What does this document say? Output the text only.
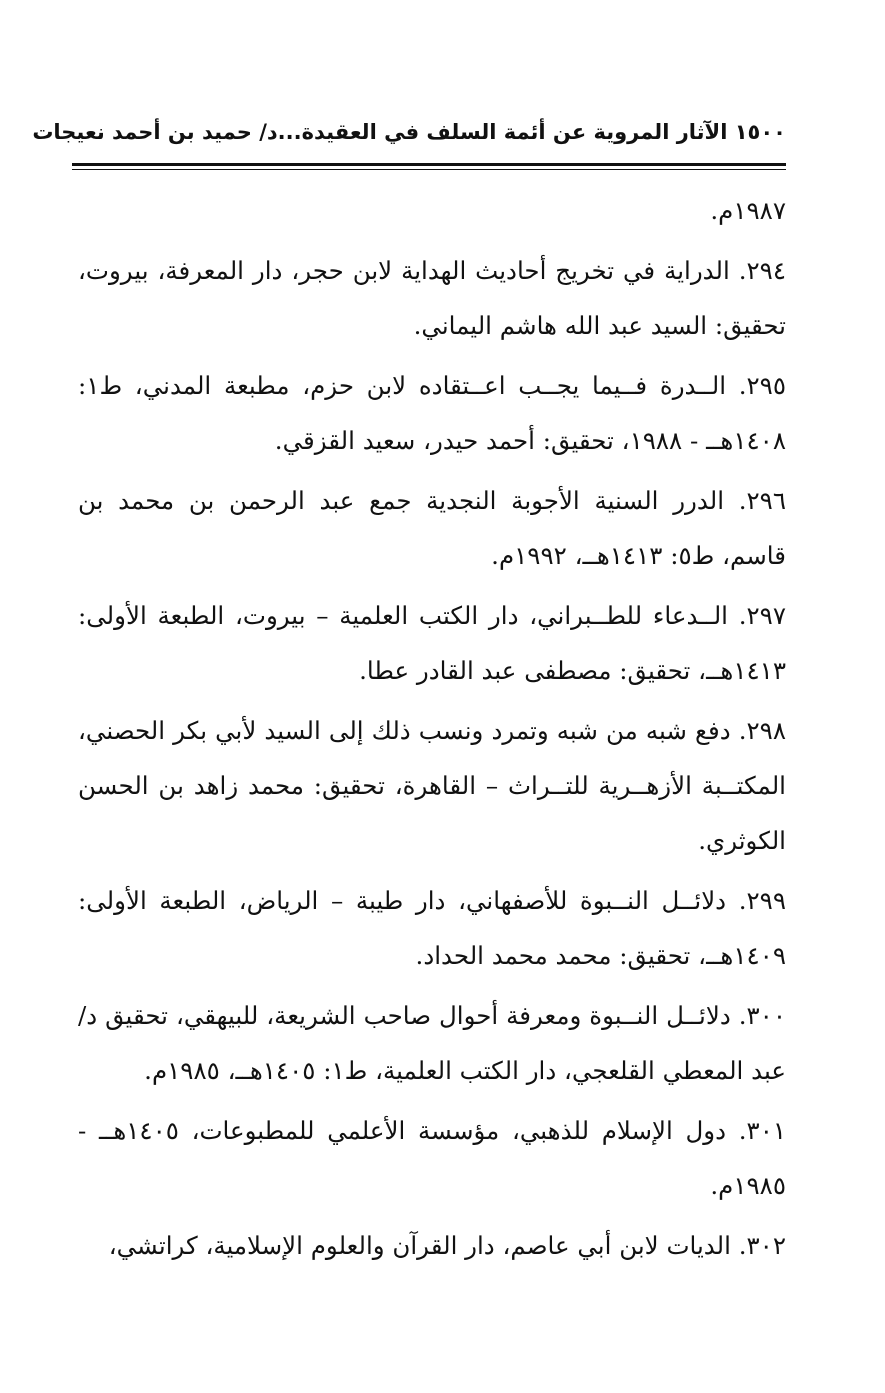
١٥٠٠ الآثار المروية عن أئمة السلف في العقيدة...د/ حميد بن أحمد نعيجات

١٩٨٧م.

٢٩٤. الدراية في تخريج أحاديث الهداية لابن حجر، دار المعرفة، بيروت، تحقيق: السيد عبد الله هاشم اليماني.

٢٩٥. الــدرة فــيما يجــب اعــتقاده لابن حزم، مطبعة المدني، ط١: ١٤٠٨هــ - ١٩٨٨، تحقيق: أحمد حيدر، سعيد القزقي.

٢٩٦. الدرر السنية الأجوبة النجدية جمع عبد الرحمن بن محمد بن قاسم، ط٥: ١٤١٣هــ، ١٩٩٢م.

٢٩٧. الــدعاء للطــبراني، دار الكتب العلمية – بيروت، الطبعة الأولى: ١٤١٣هــ، تحقيق: مصطفى عبد القادر عطا.

٢٩٨. دفع شبه من شبه وتمرد ونسب ذلك إلى السيد لأبي بكر الحصني، المكتــبة الأزهــرية للتــراث – القاهرة، تحقيق: محمد زاهد بن الحسن الكوثري.

٢٩٩. دلائــل النــبوة للأصفهاني، دار طيبة – الرياض، الطبعة الأولى: ١٤٠٩هــ، تحقيق: محمد محمد الحداد.

٣٠٠. دلائــل النــبوة ومعرفة أحوال صاحب الشريعة، للبيهقي، تحقيق د/عبد المعطي القلعجي، دار الكتب العلمية، ط١: ١٤٠٥هــ، ١٩٨٥م.

٣٠١. دول الإسلام للذهبي، مؤسسة الأعلمي للمطبوعات، ١٤٠٥هــ - ١٩٨٥م.

٣٠٢. الديات لابن أبي عاصم، دار القرآن والعلوم الإسلامية، كراتشي،
